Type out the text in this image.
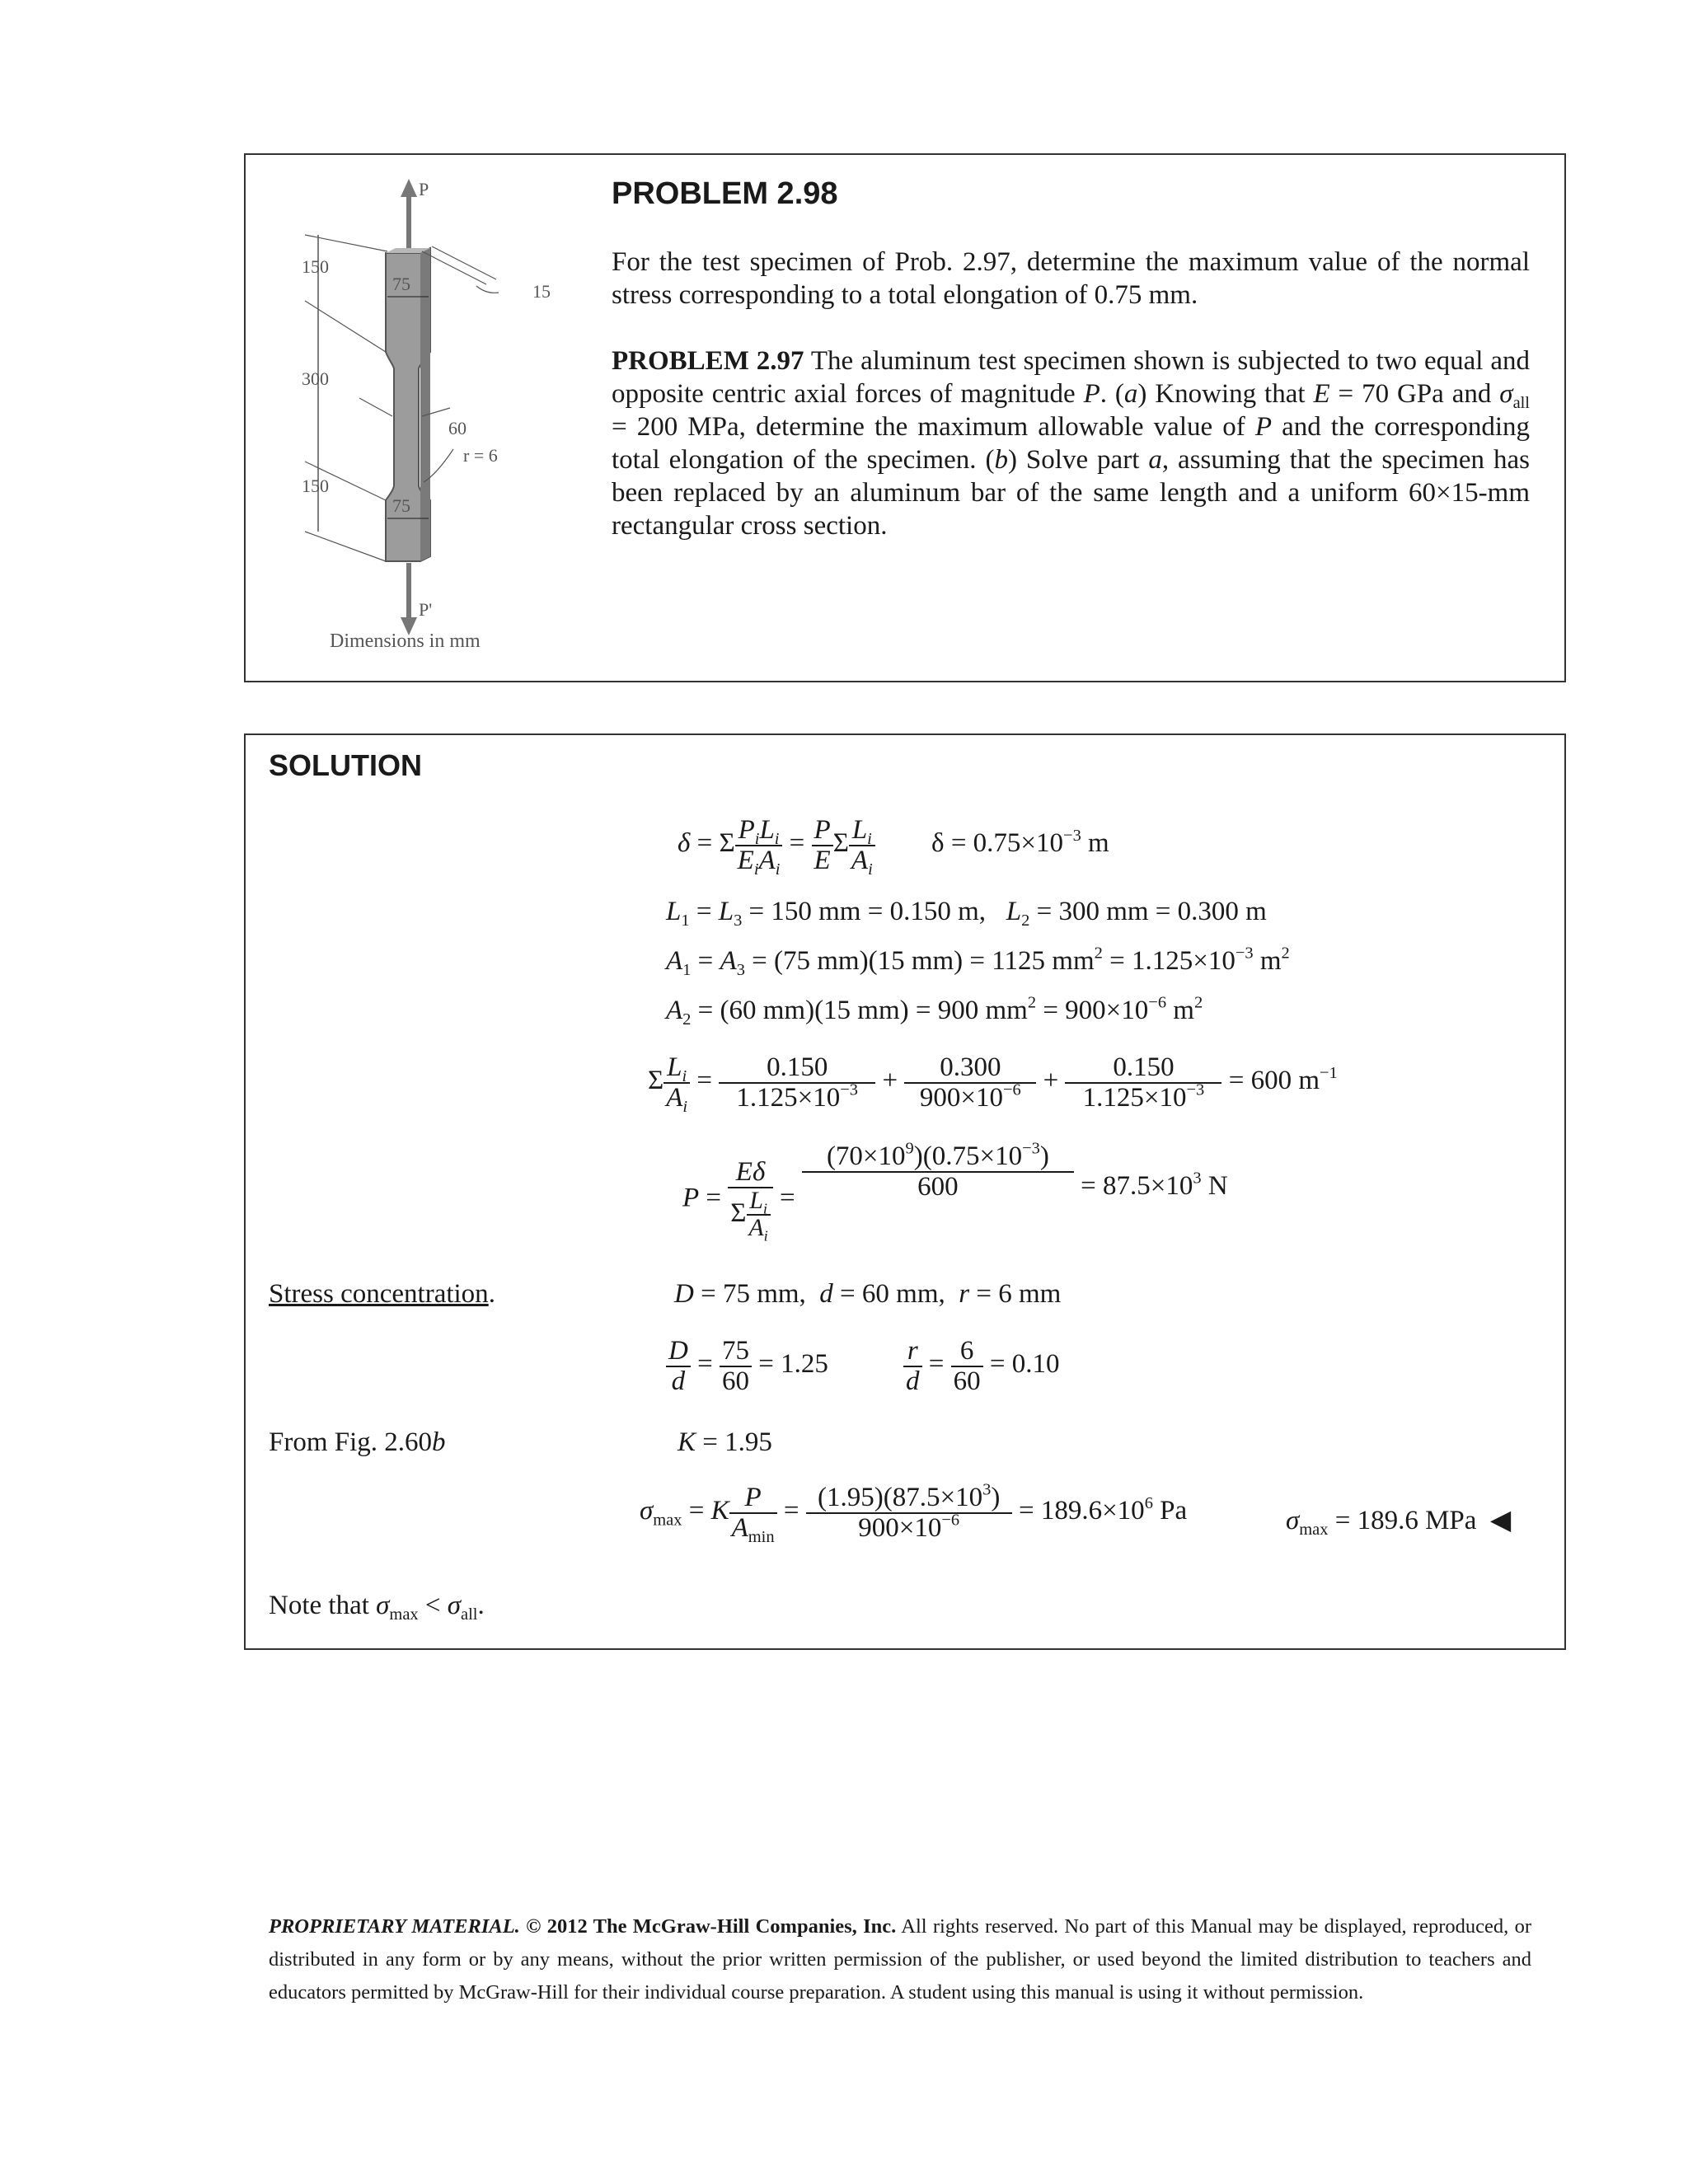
P
P'
150
300
150
75
75
15
60
r = 6
Dimensions in mm
PROBLEM 2.98
For the test specimen of Prob. 2.97, determine the maximum value of the normal stress corresponding to a total elongation of 0.75 mm.
PROBLEM 2.97 The aluminum test specimen shown is subjected to two equal and opposite centric axial forces of magnitude P. (a) Knowing that E = 70 GPa and $\sigma_{all} = 200$ MPa, determine the maximum allowable value of P and the corresponding total elongation of the specimen. (b) Solve part a, assuming that the specimen has been replaced by an aluminum bar of the same length and a uniform 60×15-mm rectangular cross section.
SOLUTION
δ = Σ $\frac{P_iL_i}{E_iA_i} = \frac{P}{E}$ Σ $\frac{L_i}{A_i}$ $\delta = 0.75\times 10^{-3}$ m
$L_1 = L_3 = 150$ mm = 0.150 m, $L_2 = 300$ mm = 0.300 m
$A_1 = A_3 = (75$ mm)(15 mm) = 1125 $mm^2 = 1.125\times 10^{-3}$ $m^2$
$A_2 = (60$ mm)(15 mm) = 900 $mm^2 = 900\times 10^{-6}$ $m^2$
Σ $\frac{L_i}{A_i} = \frac{0.150}{1.125\times 10^{-3}} + \frac{0.300}{900\times 10^{-6}} + \frac{0.150}{1.125\times 10^{-3}} = 600$ $m^{-1}$
$P = \frac{E\delta}{\Sigma \frac{L_i}{A_i}} = \frac{(70\times 10^9)(0.75\times 10^{-3})}{600} = 87.5\times 10^3$ N
Stress concentration.	D = 75 mm, d = 60 mm, r = 6 mm
$\frac{D}{d} = \frac{75}{60} = 1.25$	$\frac{r}{d} = \frac{6}{60} = 0.10$
From Fig. 2.60b	K = 1.95
$\sigma_{max} = K \frac{P}{A_{min}} = \frac{(1.95)(87.5\times 10^3)}{900\times 10^{-6}} = 189.6\times 10^6$ Pa	$\sigma_{max} = 189.6$ MPa ◀
Note that $\sigma_{max} < \sigma_{all}$.
PROPRIETARY MATERIAL. © 2012 The McGraw-Hill Companies, Inc. All rights reserved. No part of this Manual may be displayed, reproduced, or distributed in any form or by any means, without the prior written permission of the publisher, or used beyond the limited distribution to teachers and educators permitted by McGraw-Hill for their individual course preparation. A student using this manual is using it without permission.
